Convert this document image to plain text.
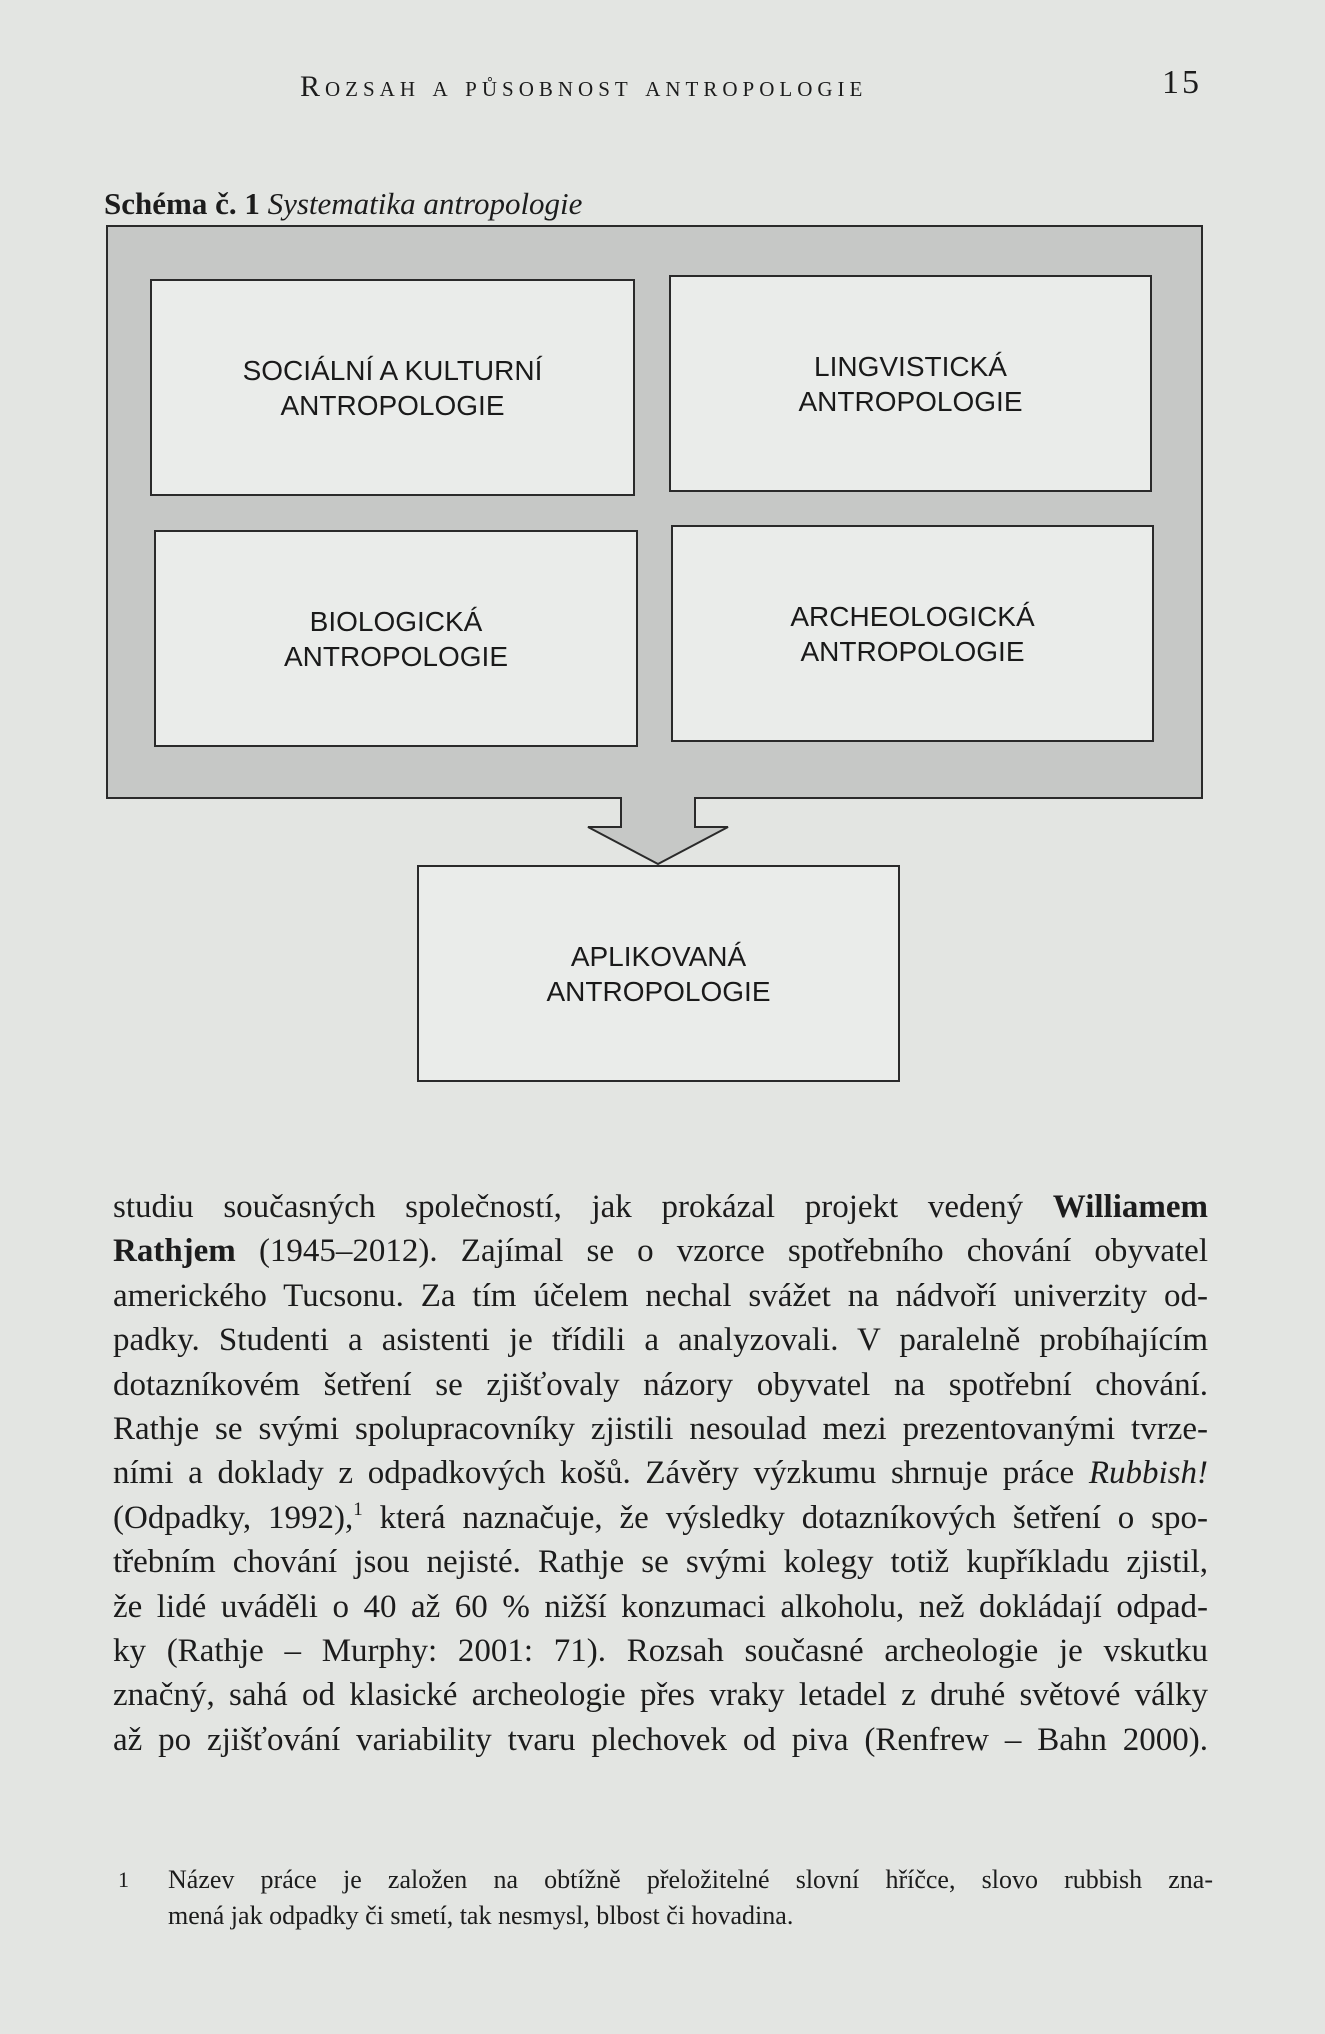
Rozsah a působnost antropologie	15
Schéma č. 1 Systematika antropologie
SOCIÁLNÍ A KULTURNÍ
ANTROPOLOGIE
LINGVISTICKÁ
ANTROPOLOGIE
BIOLOGICKÁ
ANTROPOLOGIE
ARCHEOLOGICKÁ
ANTROPOLOGIE
APLIKOVANÁ
ANTROPOLOGIE
studiu současných společností, jak prokázal projekt vedený Williamem
Rathjem (1945–2012). Zajímal se o vzorce spotřebního chování obyvatel
amerického Tucsonu. Za tím účelem nechal svážet na nádvoří univerzity od-
padky. Studenti a asistenti je třídili a analyzovali. V paralelně probíhajícím
dotazníkovém šetření se zjišťovaly názory obyvatel na spotřební chování.
Rathje se svými spolupracovníky zjistili nesoulad mezi prezentovanými tvrze-
ními a doklady z odpadkových košů. Závěry výzkumu shrnuje práce Rubbish!
(Odpadky, 1992),$^1$ která naznačuje, že výsledky dotazníkových šetření o spo-
třebním chování jsou nejisté. Rathje se svými kolegy totiž kupříkladu zjistil,
že lidé uváděli o 40 až 60 % nižší konzumaci alkoholu, než dokládají odpad-
ky (Rathje – Murphy: 2001: 71). Rozsah současné archeologie je vskutku
značný, sahá od klasické archeologie přes vraky letadel z druhé světové války
až po zjišťování variability tvaru plechovek od piva (Renfrew – Bahn 2000).
1 Název práce je založen na obtížně přeložitelné slovní hříčce, slovo rubbish zna-
mená jak odpadky či smetí, tak nesmysl, blbost či hovadina.
